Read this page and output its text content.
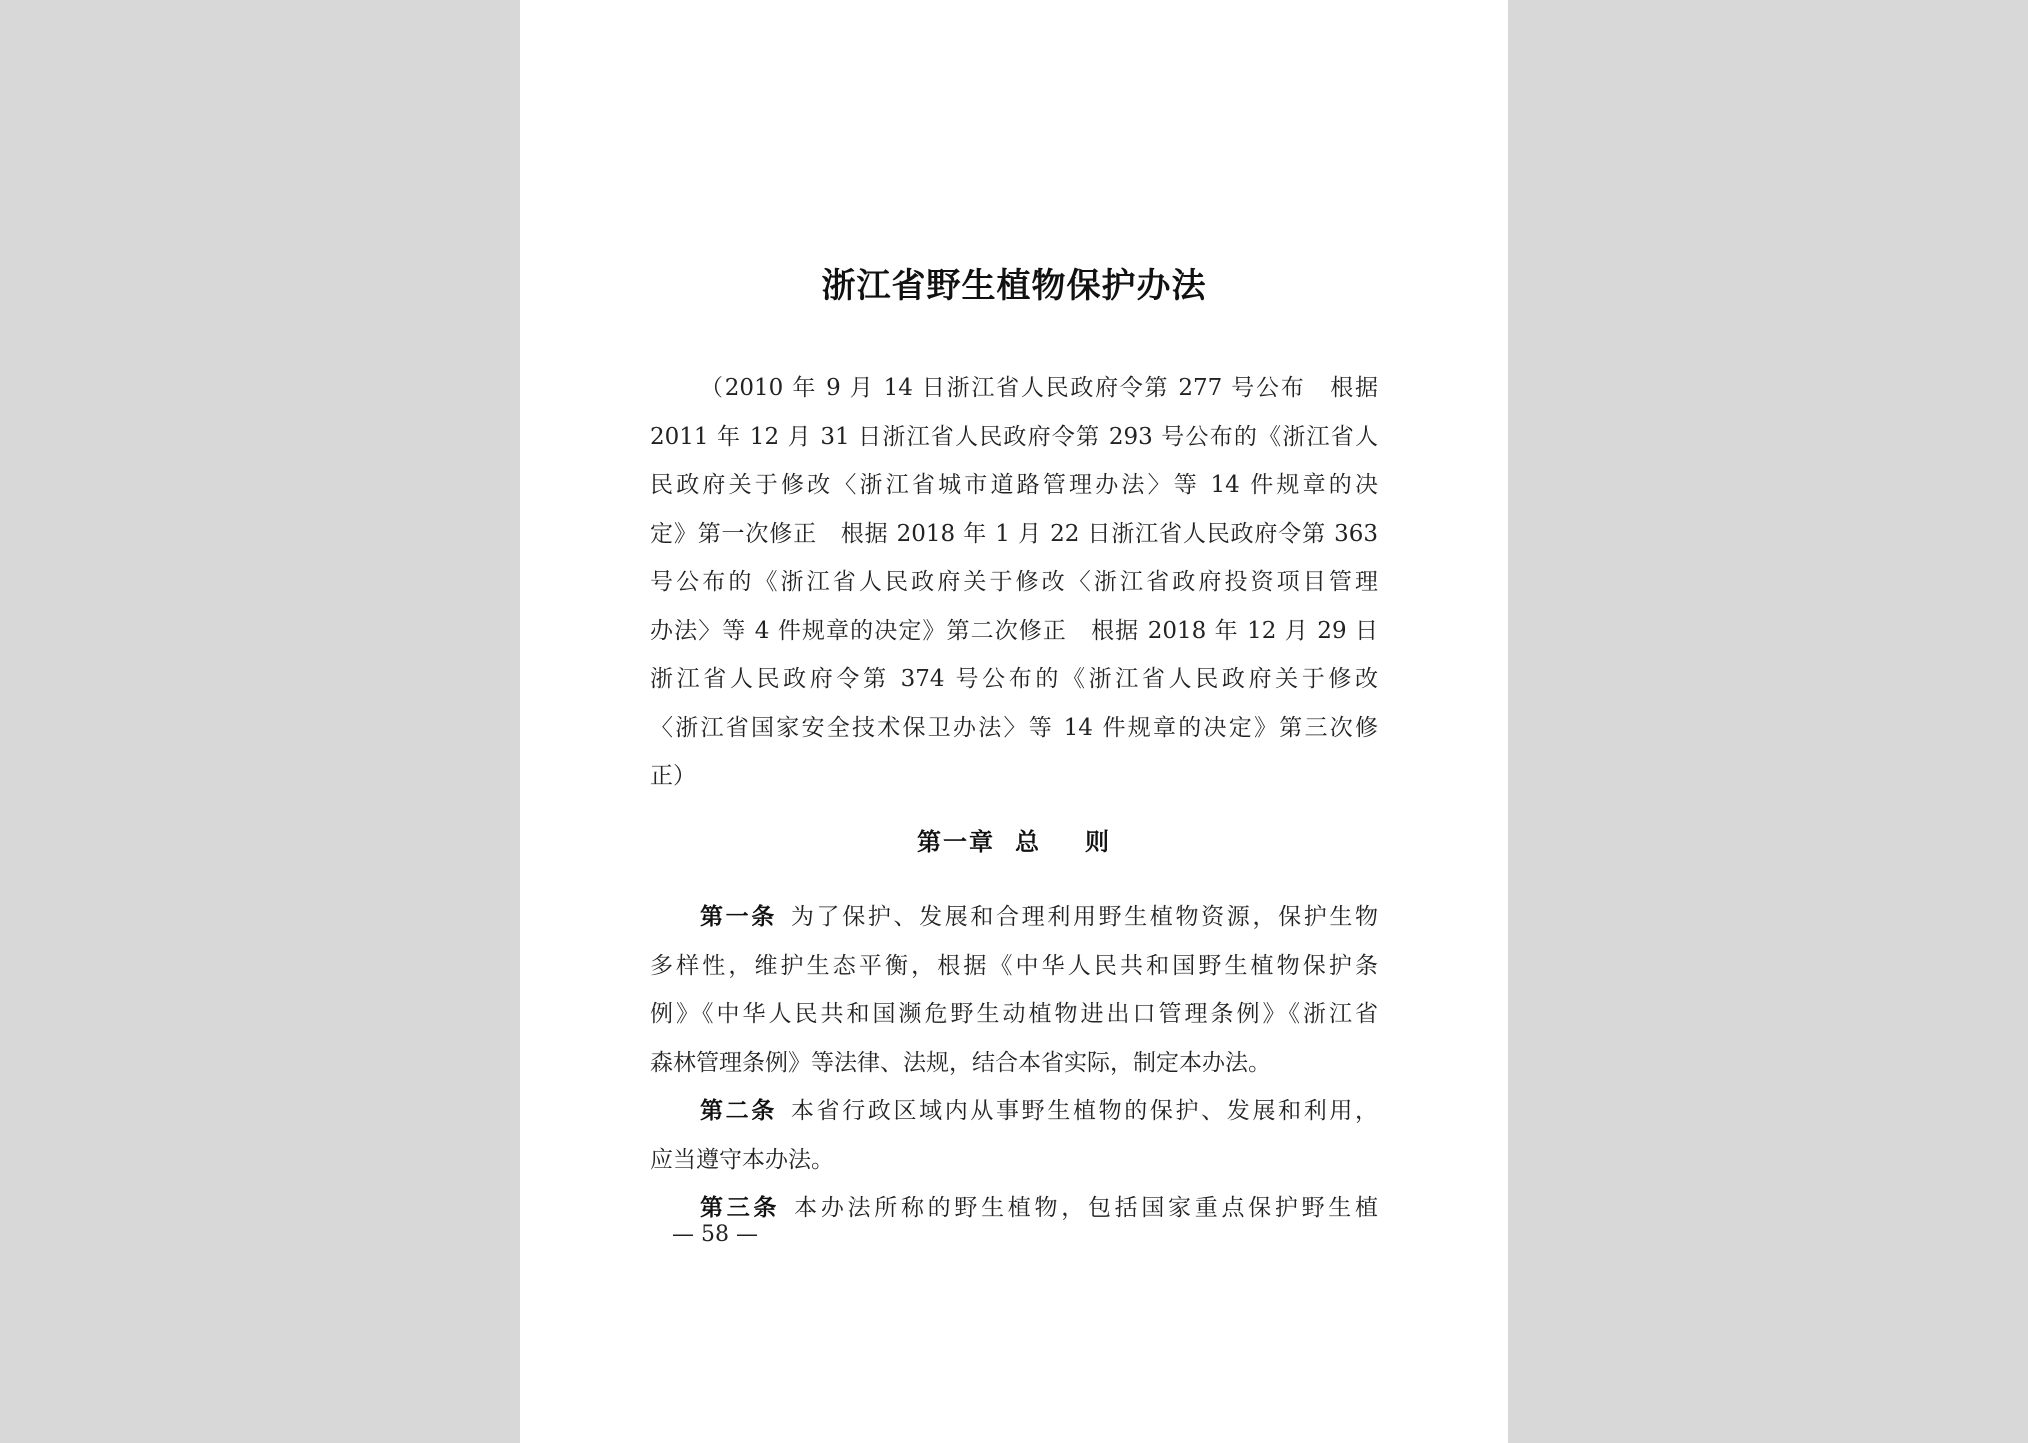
浙江省野生植物保护办法
（2010 年 9 月 14 日浙江省人民政府令第 277 号公布　根据
2011 年 12 月 31 日浙江省人民政府令第 293 号公布的《浙江省人
民政府关于修改〈浙江省城市道路管理办法〉等 14 件规章的决
定》第一次修正　根据 2018 年 1 月 22 日浙江省人民政府令第 363
号公布的《浙江省人民政府关于修改〈浙江省政府投资项目管理
办法〉等 4 件规章的决定》第二次修正　根据 2018 年 12 月 29 日
浙江省人民政府令第 374 号公布的《浙江省人民政府关于修改
〈浙江省国家安全技术保卫办法〉等 14 件规章的决定》第三次修
正）
第一章 总 则
第一条 为了保护、发展和合理利用野生植物资源，保护生物
多样性，维护生态平衡，根据《中华人民共和国野生植物保护条
例》《中华人民共和国濒危野生动植物进出口管理条例》《浙江省
森林管理条例》等法律、法规，结合本省实际，制定本办法。
第二条 本省行政区域内从事野生植物的保护、发展和利用，
应当遵守本办法。
第三条 本办法所称的野生植物，包括国家重点保护野生植
— 58 —
